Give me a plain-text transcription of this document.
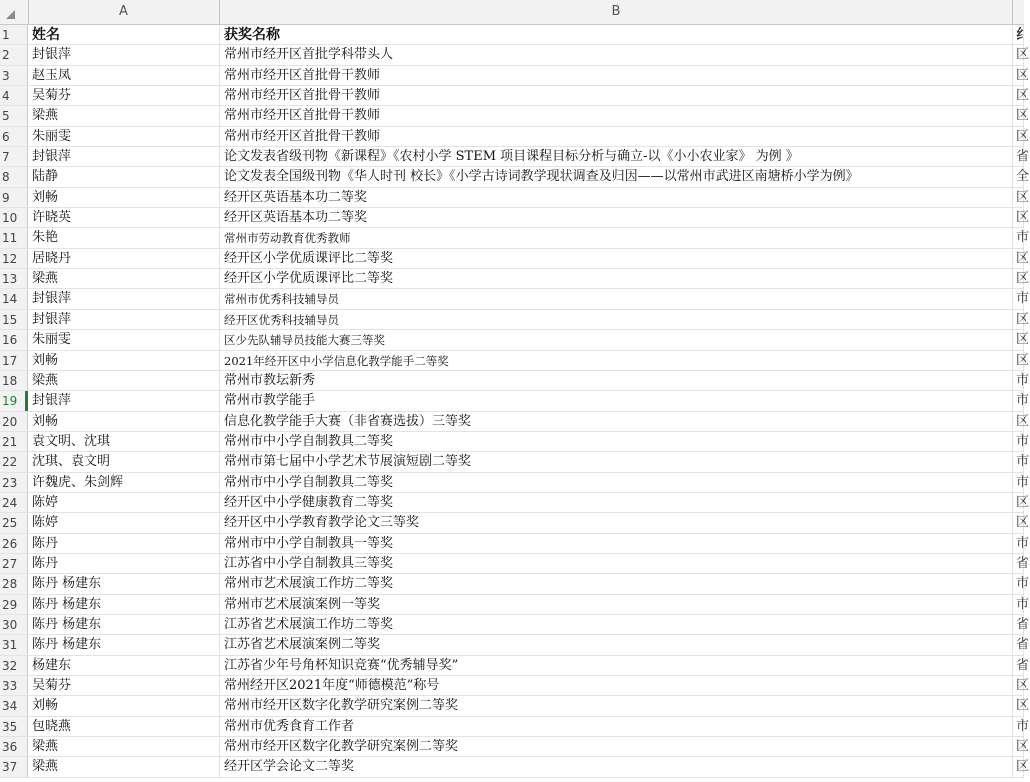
A	B
1	姓名	获奖名称	纟
2	封银萍	常州市经开区首批学科带头人	区
3	赵玉凤	常州市经开区首批骨干教师	区
4	吴菊芬	常州市经开区首批骨干教师	区
5	梁燕	常州市经开区首批骨干教师	区
6	朱丽雯	常州市经开区首批骨干教师	区
7	封银萍	论文发表省级刊物《新课程》《农村小学 STEM 项目课程目标分析与确立-以《小小农业家》 为例 》	省
8	陆静	论文发表全国级刊物《华人时刊 校长》《小学古诗词教学现状调查及归因——以常州市武进区南塘桥小学为例》	全
9	刘畅	经开区英语基本功二等奖	区
10	许晓英	经开区英语基本功二等奖	区
11	朱艳	常州市劳动教育优秀教师	市
12	居晓丹	经开区小学优质课评比二等奖	区
13	梁燕	经开区小学优质课评比二等奖	区
14	封银萍	常州市优秀科技辅导员	市
15	封银萍	经开区优秀科技辅导员	区
16	朱丽雯	区少先队辅导员技能大赛三等奖	区
17	刘畅	2021年经开区中小学信息化教学能手二等奖	区
18	梁燕	常州市教坛新秀	市
19	封银萍	常州市教学能手	市
20	刘畅	信息化教学能手大赛（非省赛选拔）三等奖	区
21	袁文明、沈琪	常州市中小学自制教具二等奖	市
22	沈琪、袁文明	常州市第七届中小学艺术节展演短剧二等奖	市
23	许魏虎、朱剑辉	常州市中小学自制教具二等奖	市
24	陈婷	经开区中小学健康教育二等奖	区
25	陈婷	经开区中小学教育教学论文三等奖	区
26	陈丹	常州市中小学自制教具一等奖	市
27	陈丹	江苏省中小学自制教具三等奖	省
28	陈丹 杨建东	常州市艺术展演工作坊二等奖	市
29	陈丹 杨建东	常州市艺术展演案例一等奖	市
30	陈丹 杨建东	江苏省艺术展演工作坊二等奖	省
31	陈丹 杨建东	江苏省艺术展演案例二等奖	省
32	杨建东	江苏省少年号角杯知识竞赛“优秀辅导奖”	省
33	吴菊芬	常州经开区2021年度“师德模范”称号	区
34	刘畅	常州市经开区数字化教学研究案例二等奖	区
35	包晓燕	常州市优秀食育工作者	市
36	梁燕	常州市经开区数字化教学研究案例二等奖	区
37	梁燕	经开区学会论文二等奖	区
